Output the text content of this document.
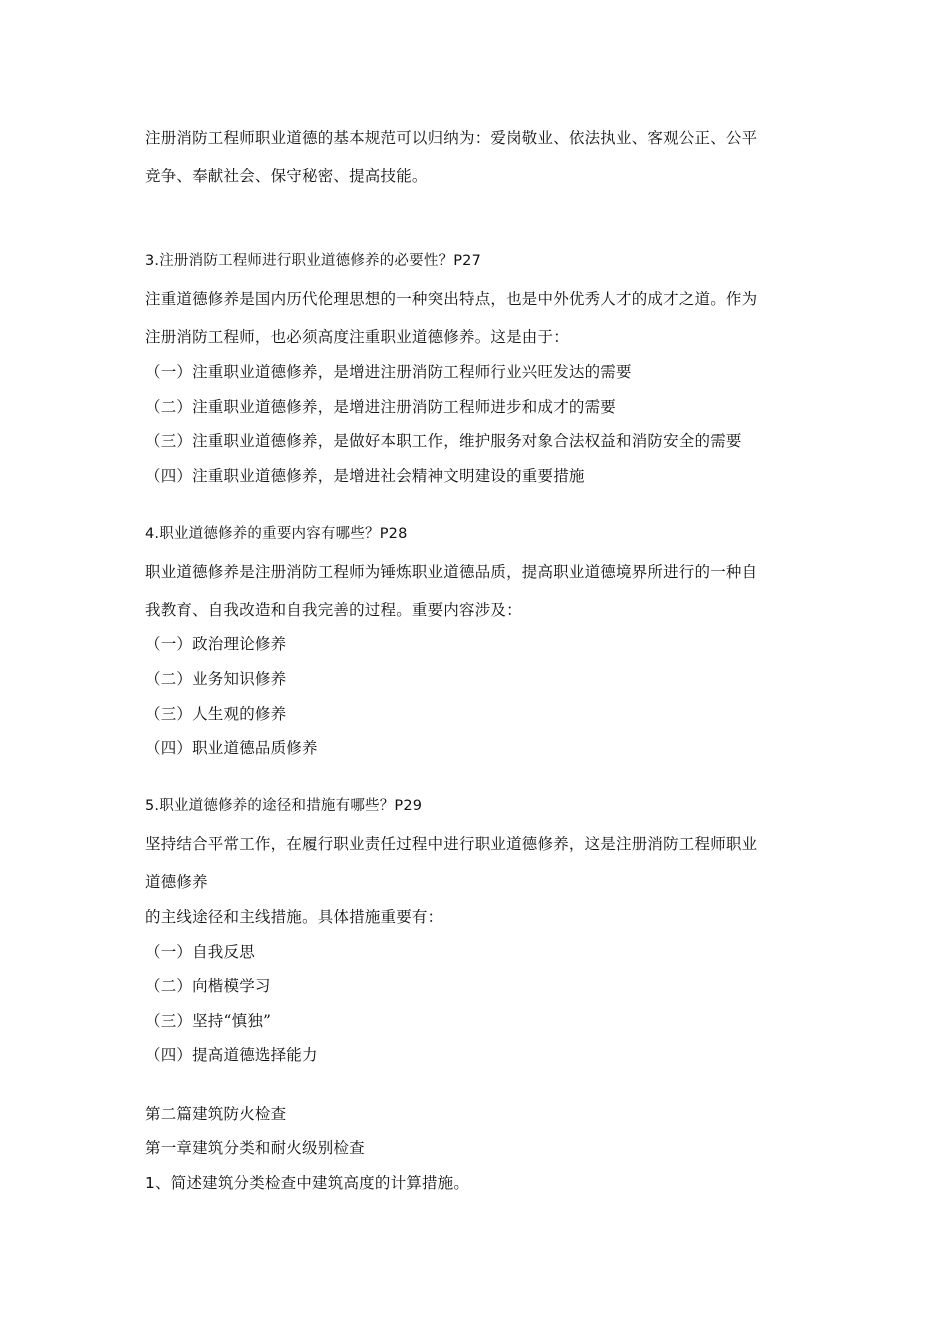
注册消防工程师职业道德的基本规范可以归纳为：爱岗敬业、依法执业、客观公正、公平
竞争、奉献社会、保守秘密、提高技能。
3.注册消防工程师进行职业道德修养的必要性？P27
注重道德修养是国内历代伦理思想的一种突出特点，也是中外优秀人才的成才之道。作为
注册消防工程师，也必须高度注重职业道德修养。这是由于：
（一）注重职业道德修养，是增进注册消防工程师行业兴旺发达的需要
（二）注重职业道德修养，是增进注册消防工程师进步和成才的需要
（三）注重职业道德修养，是做好本职工作，维护服务对象合法权益和消防安全的需要
（四）注重职业道德修养，是增进社会精神文明建设的重要措施
4.职业道德修养的重要内容有哪些？P28
职业道德修养是注册消防工程师为锤炼职业道德品质，提高职业道德境界所进行的一种自
我教育、自我改造和自我完善的过程。重要内容涉及：
（一）政治理论修养
（二）业务知识修养
（三）人生观的修养
（四）职业道德品质修养
5.职业道德修养的途径和措施有哪些？P29
坚持结合平常工作，在履行职业责任过程中进行职业道德修养，这是注册消防工程师职业
道德修养
的主线途径和主线措施。具体措施重要有：
（一）自我反思
（二）向楷模学习
（三）坚持“慎独”
（四）提高道德选择能力
第二篇建筑防火检查
第一章建筑分类和耐火级别检查
1、简述建筑分类检查中建筑高度的计算措施。
